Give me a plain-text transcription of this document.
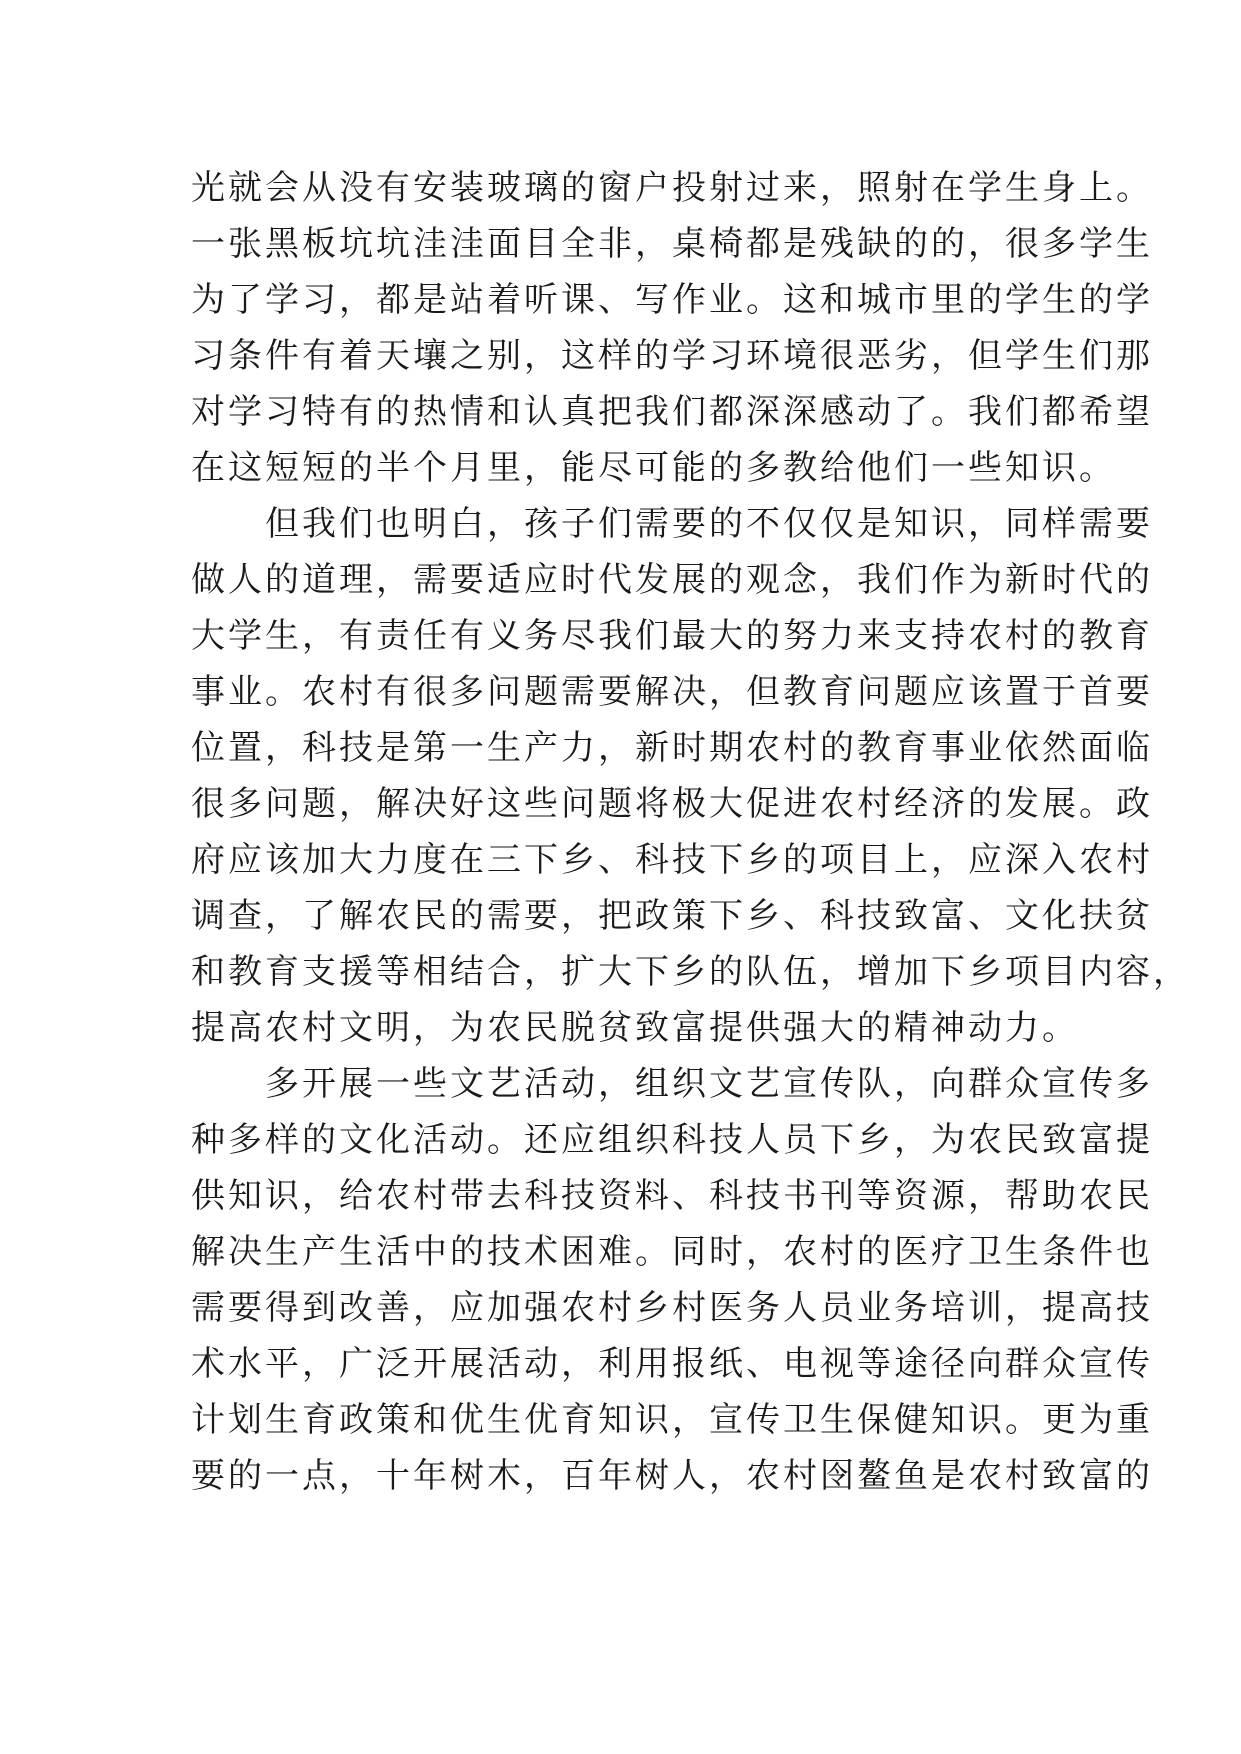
光就会从没有安装玻璃的窗户投射过来，照射在学生身上。
一张黑板坑坑洼洼面目全非，桌椅都是残缺的的，很多学生
为了学习，都是站着听课、写作业。这和城市里的学生的学
习条件有着天壤之别，这样的学习环境很恶劣，但学生们那
对学习特有的热情和认真把我们都深深感动了。我们都希望
在这短短的半个月里，能尽可能的多教给他们一些知识。
　　但我们也明白，孩子们需要的不仅仅是知识，同样需要
做人的道理，需要适应时代发展的观念，我们作为新时代的
大学生，有责任有义务尽我们最大的努力来支持农村的教育
事业。农村有很多问题需要解决，但教育问题应该置于首要
位置，科技是第一生产力，新时期农村的教育事业依然面临
很多问题，解决好这些问题将极大促进农村经济的发展。政
府应该加大力度在三下乡、科技下乡的项目上，应深入农村
调查，了解农民的需要，把政策下乡、科技致富、文化扶贫
和教育支援等相结合，扩大下乡的队伍，增加下乡项目内容，
提高农村文明，为农民脱贫致富提供强大的精神动力。
　　多开展一些文艺活动，组织文艺宣传队，向群众宣传多
种多样的文化活动。还应组织科技人员下乡，为农民致富提
供知识，给农村带去科技资料、科技书刊等资源，帮助农民
解决生产生活中的技术困难。同时，农村的医疗卫生条件也
需要得到改善，应加强农村乡村医务人员业务培训，提高技
术水平，广泛开展活动，利用报纸、电视等途径向群众宣传
计划生育政策和优生优育知识，宣传卫生保健知识。更为重
要的一点，十年树木，百年树人，农村囹鳌鱼是农村致富的
